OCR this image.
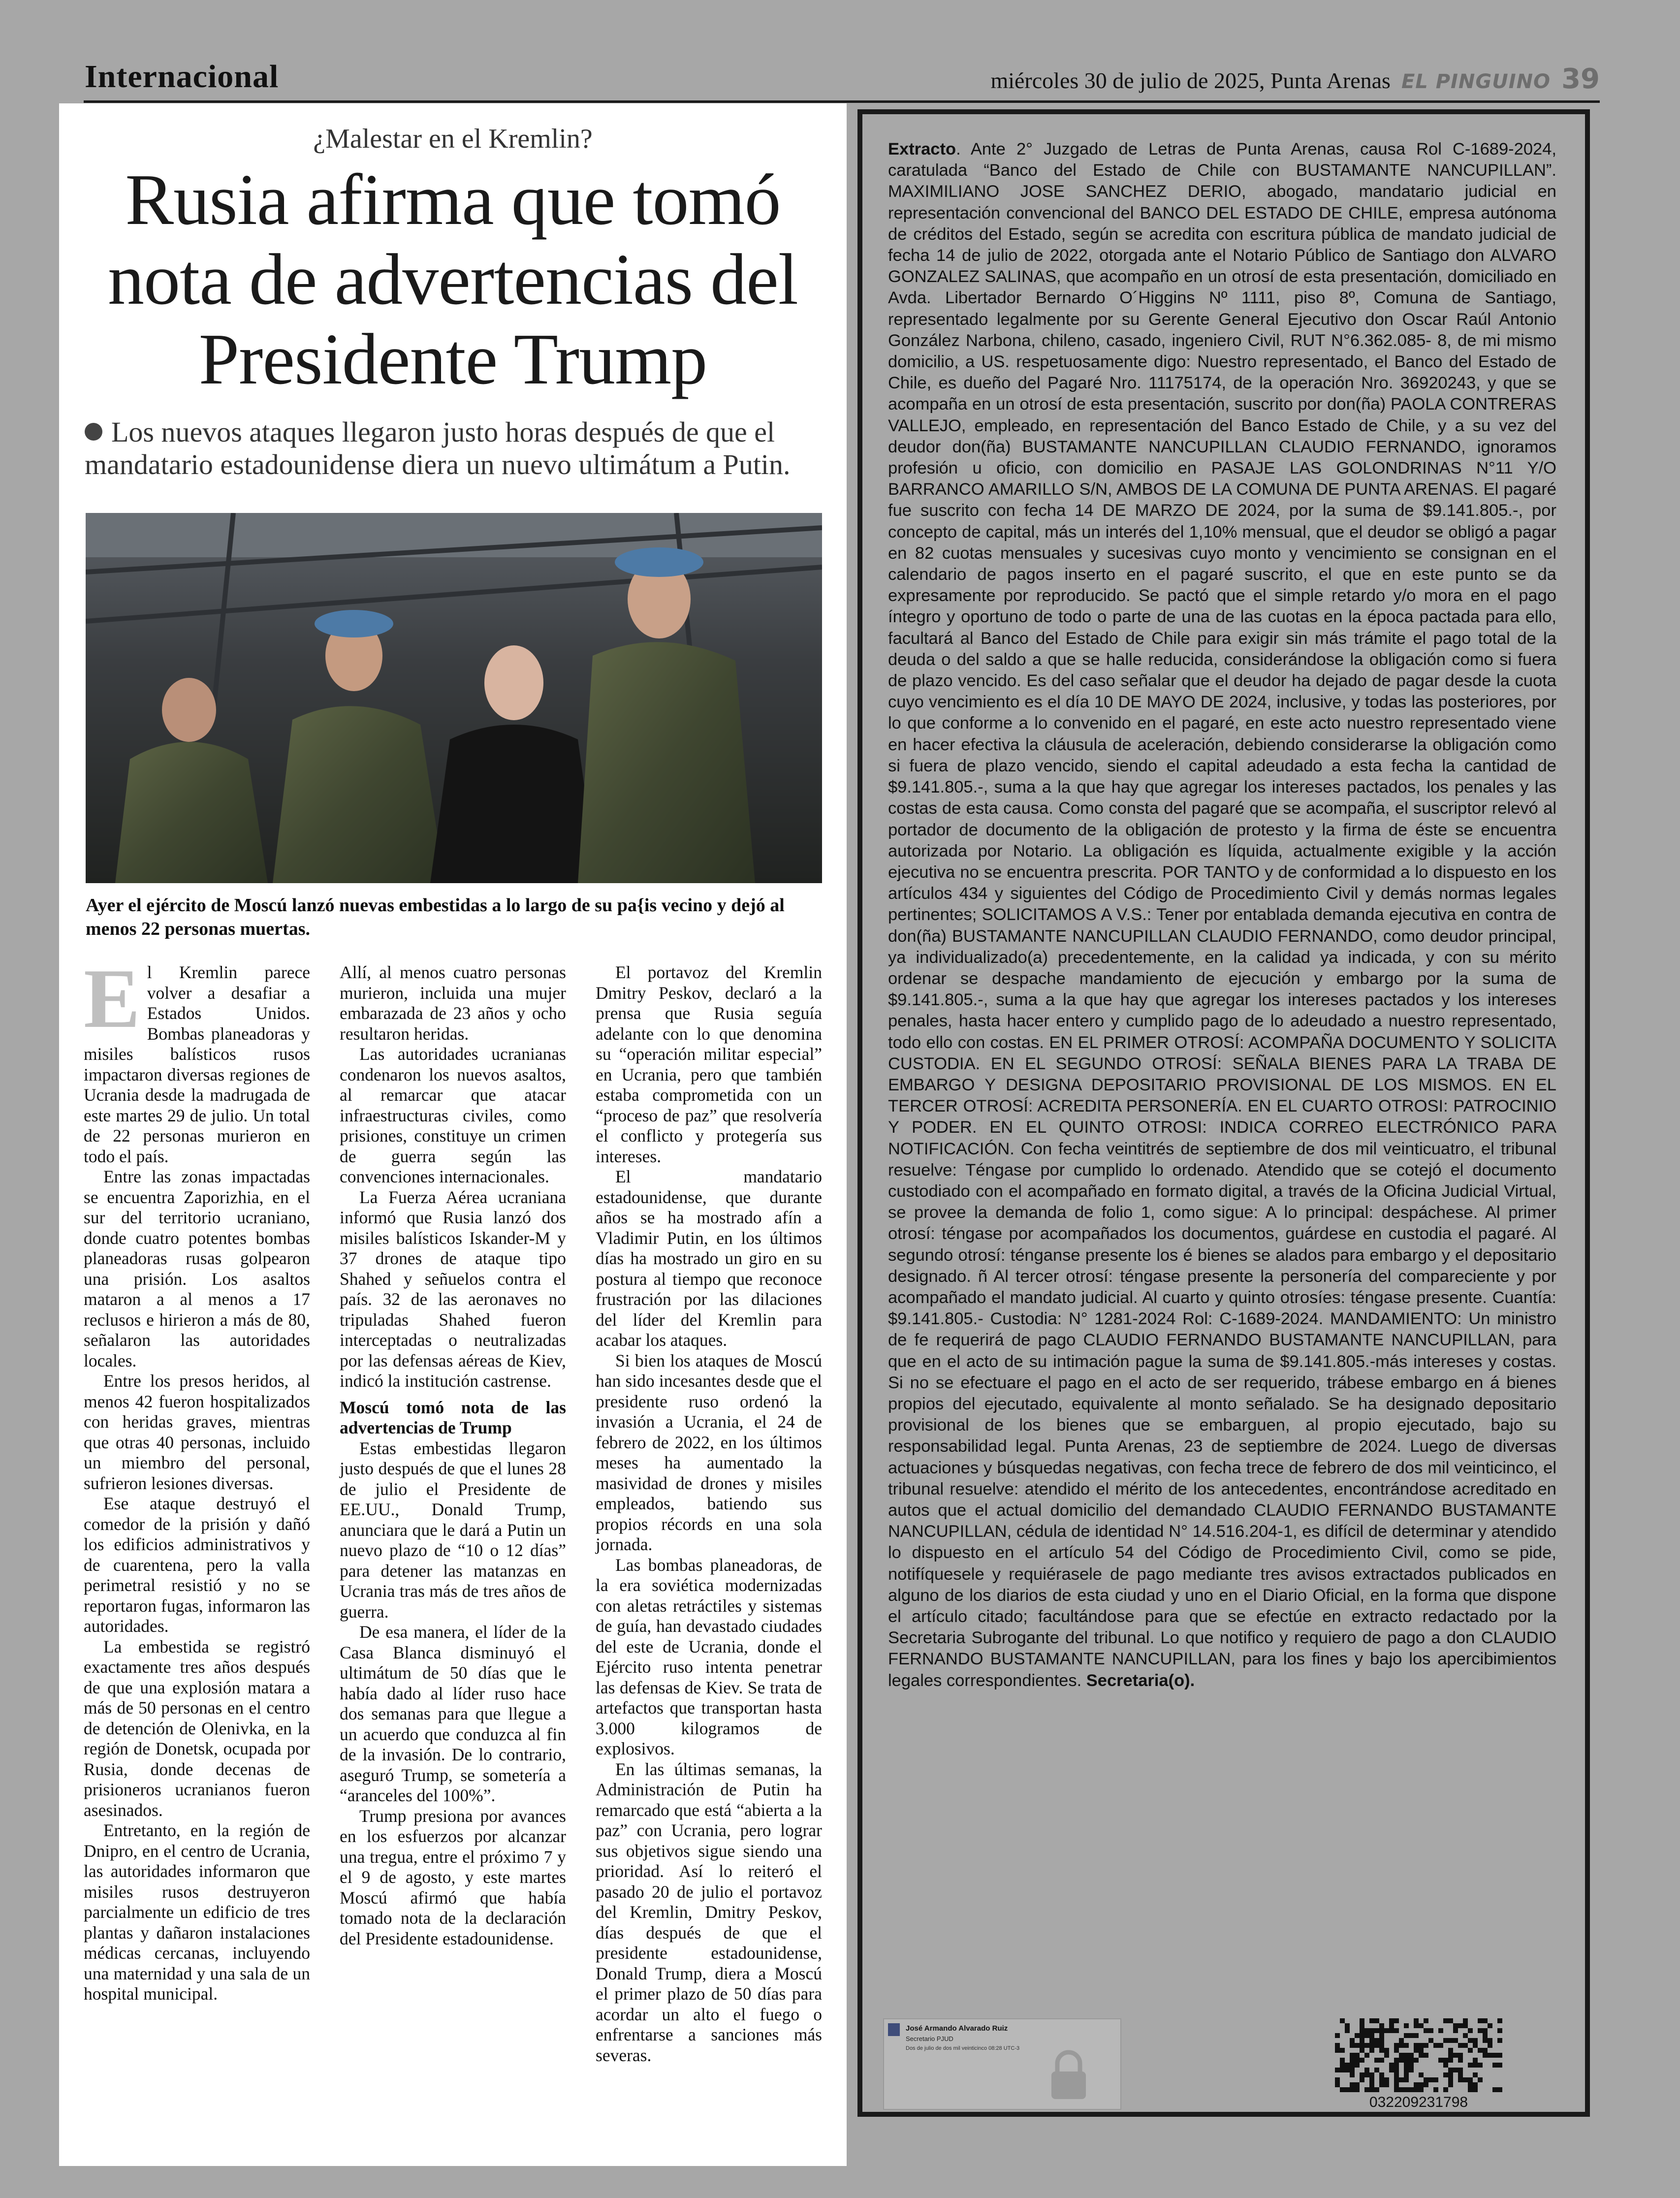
Internacional	miércoles 30 de julio de 2025, Punta Arenas EL PINGUINO 39
¿Malestar en el Kremlin?
Rusia afirma que tomó nota de advertencias del Presidente Trump
Los nuevos ataques llegaron justo horas después de que el mandatario estadounidense diera un nuevo ultimátum a Putin.
Ayer el ejército de Moscú lanzó nuevas embestidas a lo largo de su pa{is vecino y dejó al menos 22 personas muertas.
E l Kremlin parece volver a desafiar a Estados Unidos. Bombas planeadoras y misiles balísticos rusos impactaron diversas regiones de Ucrania desde la madrugada de este martes 29 de julio. Un total de 22 personas murieron en todo el país.

Entre las zonas impactadas se encuentra Zaporizhia, en el sur del territorio ucraniano, donde cuatro potentes bombas planeadoras rusas golpearon una prisión. Los asaltos mataron a al menos a 17 reclusos e hirieron a más de 80, señalaron las autoridades locales.

Entre los presos heridos, al menos 42 fueron hospitalizados con heridas graves, mientras que otras 40 personas, incluido un miembro del personal, sufrieron lesiones diversas.

Ese ataque destruyó el comedor de la prisión y dañó los edificios administrativos y de cuarentena, pero la valla perimetral resistió y no se reportaron fugas, informaron las autoridades.

La embestida se registró exactamente tres años después de que una explosión matara a más de 50 personas en el centro de detención de Olenivka, en la región de Donetsk, ocupada por Rusia, donde decenas de prisioneros ucranianos fueron asesinados.

Entretanto, en la región de Dnipro, en el centro de Ucrania, las autoridades informaron que misiles rusos destruyeron parcialmente un edificio de tres plantas y dañaron instalaciones médicas cercanas, incluyendo una maternidad y una sala de un hospital municipal.

Allí, al menos cuatro personas murieron, incluida una mujer embarazada de 23 años y ocho resultaron heridas.

Las autoridades ucranianas condenaron los nuevos asaltos, al remarcar que atacar infraestructuras civiles, como prisiones, constituye un crimen de guerra según las convenciones internacionales.

La Fuerza Aérea ucraniana informó que Rusia lanzó dos misiles balísticos Iskander-M y 37 drones de ataque tipo Shahed y señuelos contra el país. 32 de las aeronaves no tripuladas Shahed fueron interceptadas o neutralizadas por las defensas aéreas de Kiev, indicó la institución castrense.

Moscú tomó nota de las advertencias de Trump

Estas embestidas llegaron justo después de que el lunes 28 de julio el Presidente de EE.UU., Donald Trump, anunciara que le dará a Putin un nuevo plazo de “10 o 12 días” para detener las matanzas en Ucrania tras más de tres años de guerra.

De esa manera, el líder de la Casa Blanca disminuyó el ultimátum de 50 días que le había dado al líder ruso hace dos semanas para que llegue a un acuerdo que conduzca al fin de la invasión. De lo contrario, aseguró Trump, se sometería a “aranceles del 100%”.

Trump presiona por avances en los esfuerzos por alcanzar una tregua, entre el próximo 7 y el 9 de agosto, y este martes Moscú afirmó que había tomado nota de la declaración del Presidente estadounidense.

El portavoz del Kremlin Dmitry Peskov, declaró a la prensa que Rusia seguía adelante con lo que denomina su “operación militar especial” en Ucrania, pero que también estaba comprometida con un “proceso de paz” que resolvería el conflicto y protegería sus intereses.

El mandatario estadounidense, que durante años se ha mostrado afín a Vladimir Putin, en los últimos días ha mostrado un giro en su postura al tiempo que reconoce frustración por las dilaciones del líder del Kremlin para acabar los ataques.

Si bien los ataques de Moscú han sido incesantes desde que el presidente ruso ordenó la invasión a Ucrania, el 24 de febrero de 2022, en los últimos meses ha aumentado la masividad de drones y misiles empleados, batiendo sus propios récords en una sola jornada.

Las bombas planeadoras, de la era soviética modernizadas con aletas retráctiles y sistemas de guía, han devastado ciudades del este de Ucrania, donde el Ejército ruso intenta penetrar las defensas de Kiev. Se trata de artefactos que transportan hasta 3.000 kilogramos de explosivos.

En las últimas semanas, la Administración de Putin ha remarcado que está “abierta a la paz” con Ucrania, pero lograr sus objetivos sigue siendo una prioridad. Así lo reiteró el pasado 20 de julio el portavoz del Kremlin, Dmitry Peskov, días después de que el presidente estadounidense, Donald Trump, diera a Moscú el primer plazo de 50 días para acordar un alto el fuego o enfrentarse a sanciones más severas.

Extracto. Ante 2° Juzgado de Letras de Punta Arenas, causa Rol C-1689-2024, caratulada “Banco del Estado de Chile con BUSTAMANTE NANCUPILLAN”. MAXIMILIANO JOSE SANCHEZ DERIO, abogado, mandatario judicial en representación convencional del BANCO DEL ESTADO DE CHILE, empresa autónoma de créditos del Estado, según se acredita con escritura pública de mandato judicial de fecha 14 de julio de 2022, otorgada ante el Notario Público de Santiago don ALVARO GONZALEZ SALINAS, que acompaño en un otrosí de esta presentación, domiciliado en Avda. Libertador Bernardo O´Higgins Nº 1111, piso 8º, Comuna de Santiago, representado legalmente por su Gerente General Ejecutivo don Oscar Raúl Antonio González Narbona, chileno, casado, ingeniero Civil, RUT N°6.362.085- 8, de mi mismo domicilio, a US. respetuosamente digo: Nuestro representado, el Banco del Estado de Chile, es dueño del Pagaré Nro. 11175174, de la operación Nro. 36920243, y que se acompaña en un otrosí de esta presentación, suscrito por don(ña) PAOLA CONTRERAS VALLEJO, empleado, en representación del Banco Estado de Chile, y a su vez del deudor don(ña) BUSTAMANTE NANCUPILLAN CLAUDIO FERNANDO, ignoramos profesión u oficio, con domicilio en PASAJE LAS GOLONDRINAS N°11 Y/O BARRANCO AMARILLO S/N, AMBOS DE LA COMUNA DE PUNTA ARENAS. El pagaré fue suscrito con fecha 14 DE MARZO DE 2024, por la suma de $9.141.805.-, por concepto de capital, más un interés del 1,10% mensual, que el deudor se obligó a pagar en 82 cuotas mensuales y sucesivas cuyo monto y vencimiento se consignan en el calendario de pagos inserto en el pagaré suscrito, el que en este punto se da expresamente por reproducido. Se pactó que el simple retardo y/o mora en el pago íntegro y oportuno de todo o parte de una de las cuotas en la época pactada para ello, facultará al Banco del Estado de Chile para exigir sin más trámite el pago total de la deuda o del saldo a que se halle reducida, considerándose la obligación como si fuera de plazo vencido. Es del caso señalar que el deudor ha dejado de pagar desde la cuota cuyo vencimiento es el día 10 DE MAYO DE 2024, inclusive, y todas las posteriores, por lo que conforme a lo convenido en el pagaré, en este acto nuestro representado viene en hacer efectiva la cláusula de aceleración, debiendo considerarse la obligación como si fuera de plazo vencido, siendo el capital adeudado a esta fecha la cantidad de $9.141.805.-, suma a la que hay que agregar los intereses pactados, los penales y las costas de esta causa. Como consta del pagaré que se acompaña, el suscriptor relevó al portador de documento de la obligación de protesto y la firma de éste se encuentra autorizada por Notario. La obligación es líquida, actualmente exigible y la acción ejecutiva no se encuentra prescrita. POR TANTO y de conformidad a lo dispuesto en los artículos 434 y siguientes del Código de Procedimiento Civil y demás normas legales pertinentes; SOLICITAMOS A V.S.: Tener por entablada demanda ejecutiva en contra de don(ña) BUSTAMANTE NANCUPILLAN CLAUDIO FERNANDO, como deudor principal, ya individualizado(a) precedentemente, en la calidad ya indicada, y con su mérito ordenar se despache mandamiento de ejecución y embargo por la suma de $9.141.805.-, suma a la que hay que agregar los intereses pactados y los intereses penales, hasta hacer entero y cumplido pago de lo adeudado a nuestro representado, todo ello con costas. EN EL PRIMER OTROSÍ: ACOMPAÑA DOCUMENTO Y SOLICITA CUSTODIA. EN EL SEGUNDO OTROSÍ: SEÑALA BIENES PARA LA TRABA DE EMBARGO Y DESIGNA DEPOSITARIO PROVISIONAL DE LOS MISMOS. EN EL TERCER OTROSÍ: ACREDITA PERSONERÍA. EN EL CUARTO OTROSI: PATROCINIO Y PODER. EN EL QUINTO OTROSI: INDICA CORREO ELECTRÓNICO PARA NOTIFICACIÓN. Con fecha veintitrés de septiembre de dos mil veinticuatro, el tribunal resuelve: Téngase por cumplido lo ordenado. Atendido que se cotejó el documento custodiado con el acompañado en formato digital, a través de la Oficina Judicial Virtual, se provee la demanda de folio 1, como sigue: A lo principal: despáchese. Al primer otrosí: téngase por acompañados los documentos, guárdese en custodia el pagaré. Al segundo otrosí: ténganse presente los é bienes se alados para embargo y el depositario designado. ñ Al tercer otrosí: téngase presente la personería del compareciente y por acompañado el mandato judicial. Al cuarto y quinto otrosíes: téngase presente. Cuantía: $9.141.805.- Custodia: N° 1281-2024 Rol: C-1689-2024. MANDAMIENTO: Un ministro de fe requerirá de pago CLAUDIO FERNANDO BUSTAMANTE NANCUPILLAN, para que en el acto de su intimación pague la suma de $9.141.805.-más intereses y costas. Si no se efectuare el pago en el acto de ser requerido, trábese embargo en á bienes propios del ejecutado, equivalente al monto señalado. Se ha designado depositario provisional de los bienes que se embarguen, al propio ejecutado, bajo su responsabilidad legal. Punta Arenas, 23 de septiembre de 2024. Luego de diversas actuaciones y búsquedas negativas, con fecha trece de febrero de dos mil veinticinco, el tribunal resuelve: atendido el mérito de los antecedentes, encontrándose acreditado en autos que el actual domicilio del demandado CLAUDIO FERNANDO BUSTAMANTE NANCUPILLAN, cédula de identidad N° 14.516.204-1, es difícil de determinar y atendido lo dispuesto en el artículo 54 del Código de Procedimiento Civil, como se pide, notifíquesele y requiérasele de pago mediante tres avisos extractados publicados en alguno de los diarios de esta ciudad y uno en el Diario Oficial, en la forma que dispone el artículo citado; facultándose para que se efectúe en extracto redactado por la Secretaria Subrogante del tribunal. Lo que notifico y requiero de pago a don CLAUDIO FERNANDO BUSTAMANTE NANCUPILLAN, para los fines y bajo los apercibimientos legales correspondientes. Secretaria(o).
José Armando Alvarado Ruiz
Secretario PJUD
Dos de julio de dos mil veinticinco 08:28 UTC-3
032209231798
